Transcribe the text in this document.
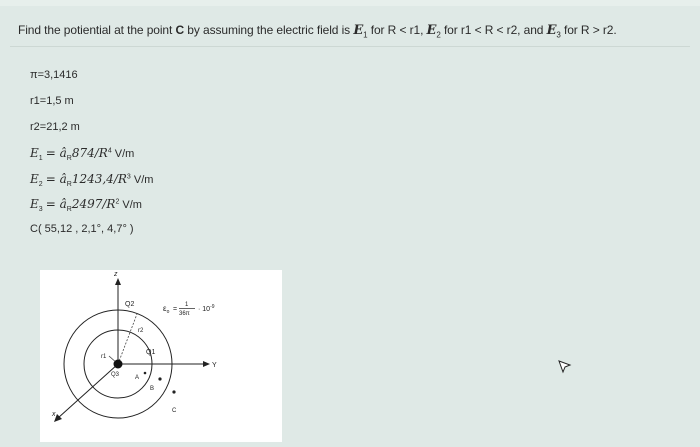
Find the potiential at the point C by assuming the electric field is $E_1$ for R < r1, $E_2$ for r1 < R < r2, and $E_3$ for R > r2.
π=3,1416
r1=1,5 m
r2=21,2 m
$E_1$ = $â_R874/R^4$ V/m
$E_2$ = $â_R1243,4/R^3$ V/m
$E_3$ = $â_R2497/R^2$ V/m
C( 55,12 , 2,1°, 4,7° )
z
Y
x
Q2
Q1
Q3
r1
r2
A
B
C
$\varepsilon_o$ =
1
36π
· $10^{-9}$
